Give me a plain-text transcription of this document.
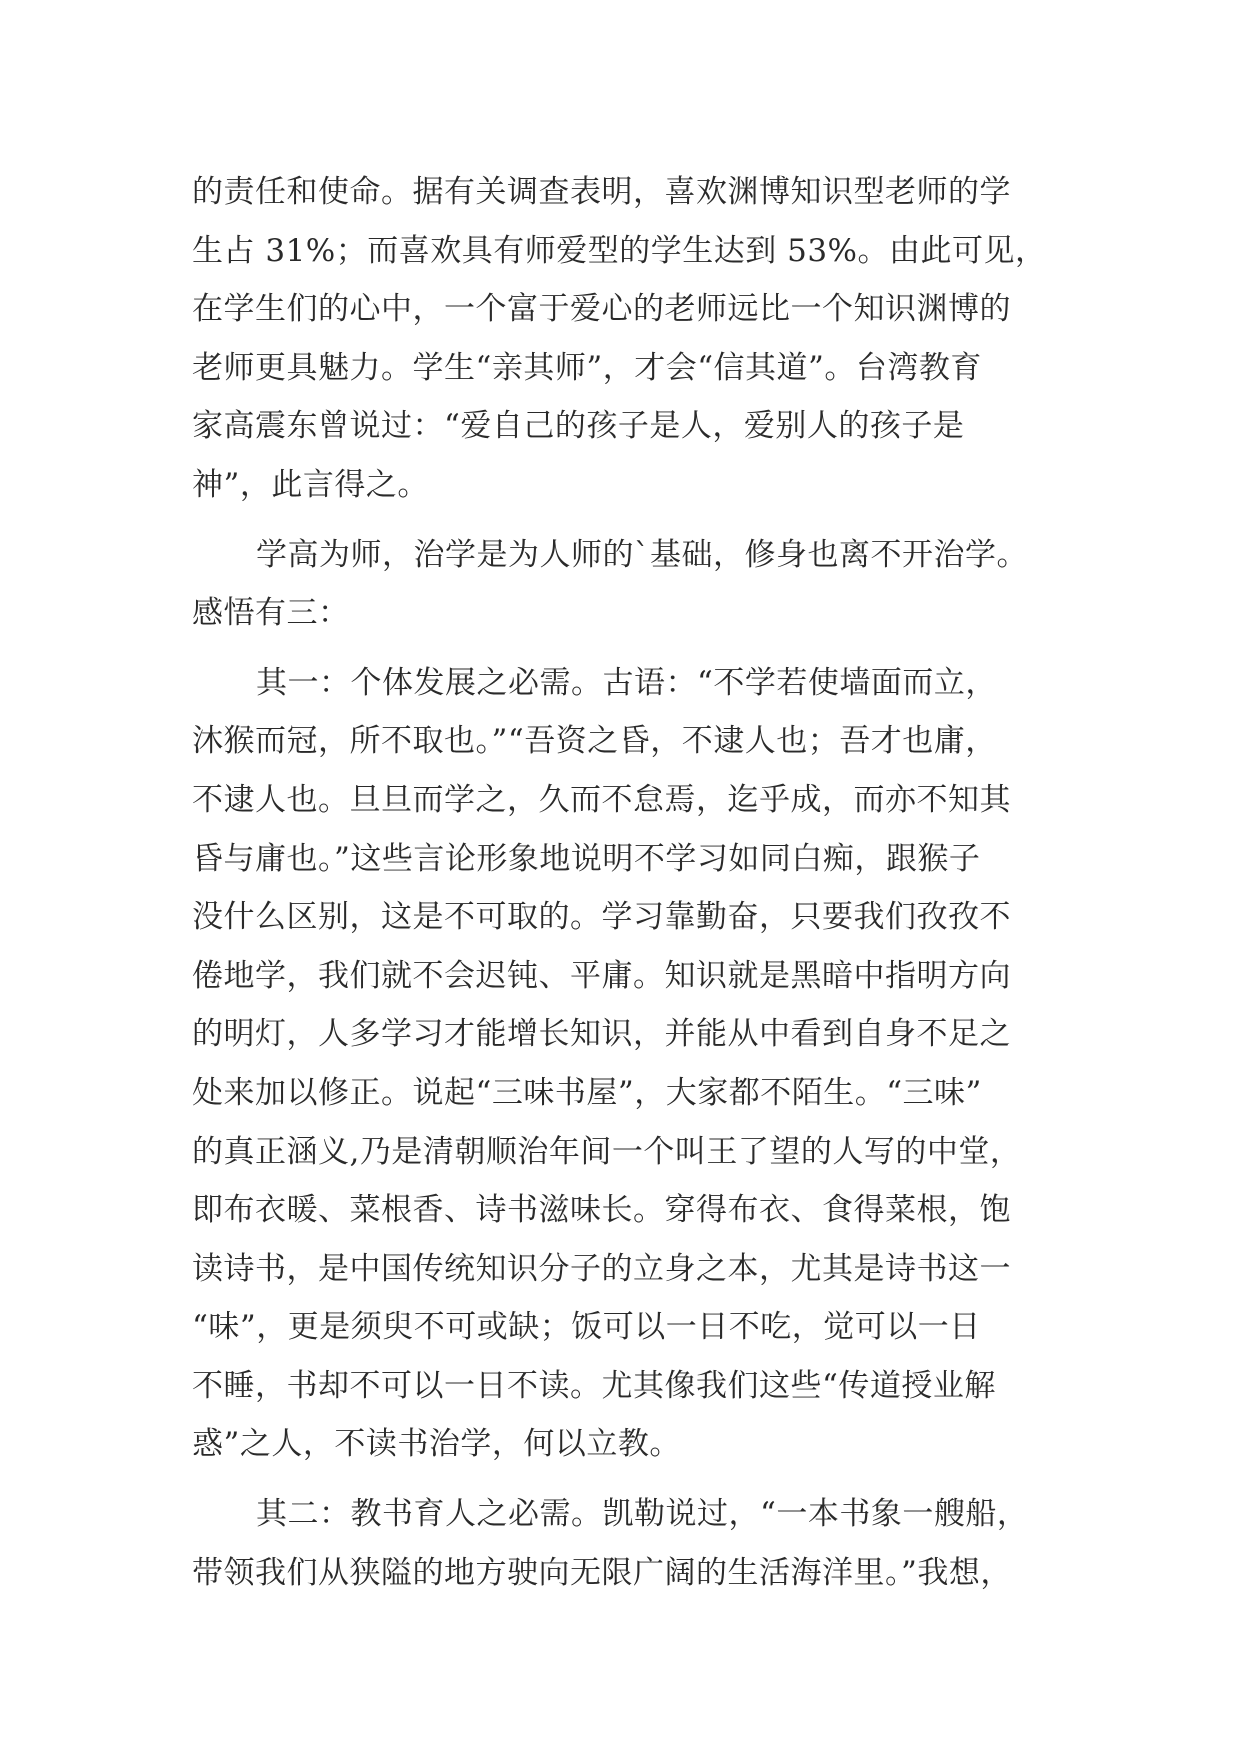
的责任和使命。据有关调查表明，喜欢渊博知识型老师的学
生占 31%；而喜欢具有师爱型的学生达到 53%。由此可见，
在学生们的心中，一个富于爱心的老师远比一个知识渊博的
老师更具魅力。学生“亲其师”，才会“信其道”。台湾教育
家高震东曾说过：“爱自己的孩子是人，爱别人的孩子是
神”，此言得之。
学高为师，治学是为人师的`基础，修身也离不开治学。
感悟有三：
其一：个体发展之必需。古语：“不学若使墙面而立，
沐猴而冠，所不取也。”“吾资之昏，不逮人也；吾才也庸，
不逮人也。旦旦而学之，久而不怠焉，迄乎成，而亦不知其
昏与庸也。”这些言论形象地说明不学习如同白痴，跟猴子
没什么区别，这是不可取的。学习靠勤奋，只要我们孜孜不
倦地学，我们就不会迟钝、平庸。知识就是黑暗中指明方向
的明灯，人多学习才能增长知识，并能从中看到自身不足之
处来加以修正。说起“三味书屋”，大家都不陌生。“三味”
的真正涵义,乃是清朝顺治年间一个叫王了望的人写的中堂，
即布衣暖、菜根香、诗书滋味长。穿得布衣、食得菜根，饱
读诗书，是中国传统知识分子的立身之本，尤其是诗书这一
“味”，更是须臾不可或缺；饭可以一日不吃，觉可以一日
不睡，书却不可以一日不读。尤其像我们这些“传道授业解
惑”之人，不读书治学，何以立教。
其二：教书育人之必需。凯勒说过，“一本书象一艘船，
带领我们从狭隘的地方驶向无限广阔的生活海洋里。”我想，
